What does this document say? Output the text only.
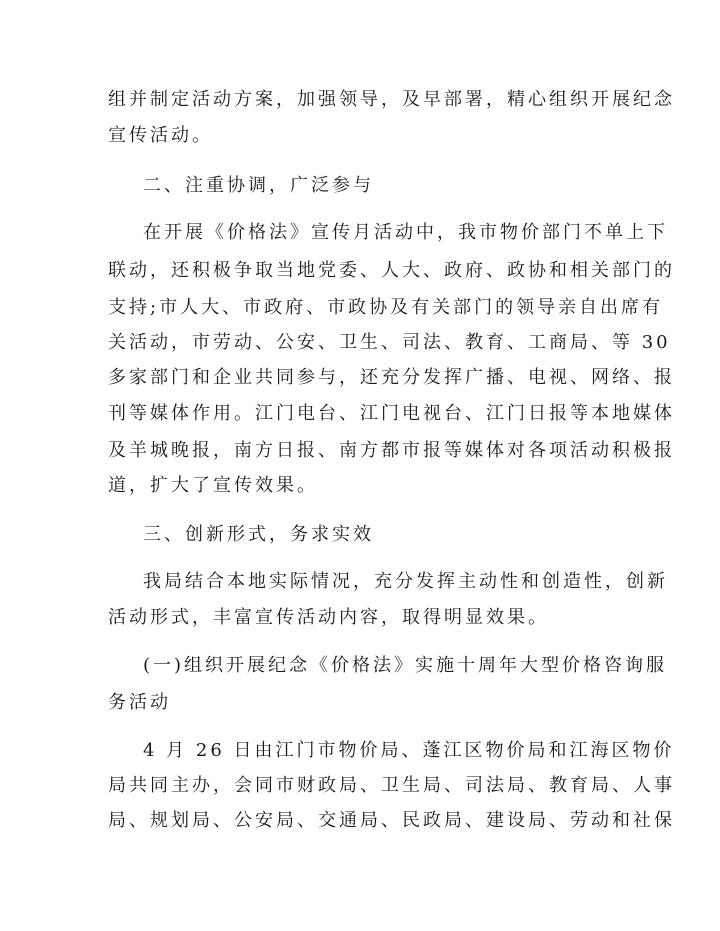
组并制定活动方案，加强领导，及早部署，精心组织开展纪念
宣传活动。
二、注重协调，广泛参与
在开展《价格法》宣传月活动中，我市物价部门不单上下
联动，还积极争取当地党委、人大、政府、政协和相关部门的
支持;市人大、市政府、市政协及有关部门的领导亲自出席有
关活动，市劳动、公安、卫生、司法、教育、工商局、等 30
多家部门和企业共同参与，还充分发挥广播、电视、网络、报
刊等媒体作用。江门电台、江门电视台、江门日报等本地媒体
及羊城晚报，南方日报、南方都市报等媒体对各项活动积极报
道，扩大了宣传效果。
三、创新形式，务求实效
我局结合本地实际情况，充分发挥主动性和创造性，创新
活动形式，丰富宣传活动内容，取得明显效果。
(一)组织开展纪念《价格法》实施十周年大型价格咨询服
务活动
4 月 26 日由江门市物价局、蓬江区物价局和江海区物价
局共同主办，会同市财政局、卫生局、司法局、教育局、人事
局、规划局、公安局、交通局、民政局、建设局、劳动和社保
